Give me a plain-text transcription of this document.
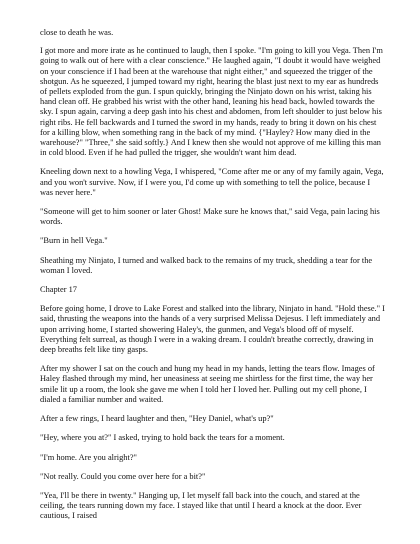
close to death he was.

I got more and more irate as he continued to laugh, then I spoke. "I'm going to kill you Vega. Then I'm going to walk out of here with a clear conscience." He laughed again, "I doubt it would have weighed on your conscience if I had been at the warehouse that night either," and squeezed the trigger of the shotgun. As he squeezed, I jumped toward my right, hearing the blast just next to my ear as hundreds of pellets exploded from the gun. I spun quickly, bringing the Ninjato down on his wrist, taking his hand clean off. He grabbed his wrist with the other hand, leaning his head back, howled towards the sky. I spun again, carving a deep gash into his chest and abdomen, from left shoulder to just below his right ribs. He fell backwards and I turned the sword in my hands, ready to bring it down on his chest for a killing blow, when something rang in the back of my mind. {"Hayley? How many died in the warehouse?" "Three," she said softly.} And I knew then she would not approve of me killing this man in cold blood. Even if he had pulled the trigger, she wouldn't want him dead.

Kneeling down next to a howling Vega, I whispered, "Come after me or any of my family again, Vega, and you won't survive. Now, if I were you, I'd come up with something to tell the police, because I was never here."

"Someone will get to him sooner or later Ghost! Make sure he knows that," said Vega, pain lacing his words.

"Burn in hell Vega."

Sheathing my Ninjato, I turned and walked back to the remains of my truck, shedding a tear for the woman I loved.

Chapter 17

Before going home, I drove to Lake Forest and stalked into the library, Ninjato in hand. "Hold these." I said, thrusting the weapons into the hands of a very surprised Melissa Dejesus. I left immediately and upon arriving home, I started showering Haley's, the gunmen, and Vega's blood off of myself. Everything felt surreal, as though I were in a waking dream. I couldn't breathe correctly, drawing in deep breaths felt like tiny gasps.

After my shower I sat on the couch and hung my head in my hands, letting the tears flow. Images of Haley flashed through my mind, her uneasiness at seeing me shirtless for the first time, the way her smile lit up a room, the look she gave me when I told her I loved her. Pulling out my cell phone, I dialed a familiar number and waited.

After a few rings, I heard laughter and then, "Hey Daniel, what's up?"

"Hey, where you at?" I asked, trying to hold back the tears for a moment.

"I'm home. Are you alright?"

"Not really. Could you come over here for a bit?"

"Yea, I'll be there in twenty." Hanging up, I let myself fall back into the couch, and stared at the ceiling, the tears running down my face. I stayed like that until I heard a knock at the door. Ever cautious, I raised
